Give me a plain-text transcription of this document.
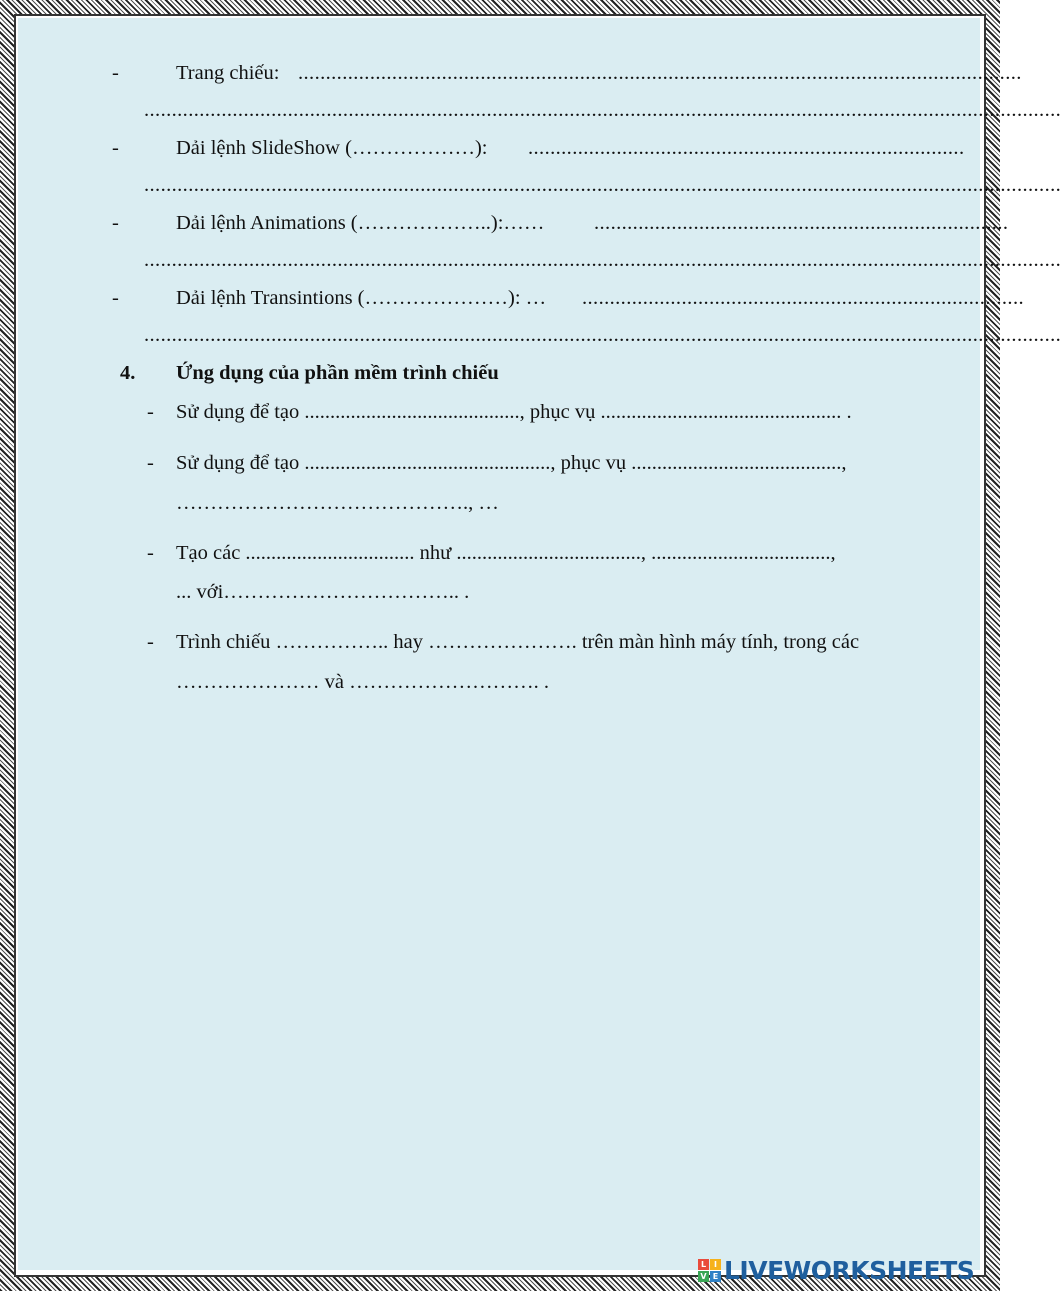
-	Trang chiếu: ...................................................................................................................................
......................................................................................................................................................................
-	Dải lệnh SlideShow (………………): ...............................................................................
......................................................................................................................................................................
-	Dải lệnh Animations (………………..):…… ...........................................................................
......................................................................................................................................................................
-	Dải lệnh Transintions (…………………): … ................................................................................
......................................................................................................................................................................
4. Ứng dụng của phần mềm trình chiếu
- Sử dụng để tạo .........................................., phục vụ ............................................... .
- Sử dụng để tạo ................................................, phục vụ .........................................,
……………………………………., …
- Tạo các ................................. như ...................................., ...................................,
... với…………………………….. .
- Trình chiếu …………….. hay …………………. trên màn hình máy tính, trong các
………………… và ………………………. .
L I
V E LIVEWORKSHEETS
